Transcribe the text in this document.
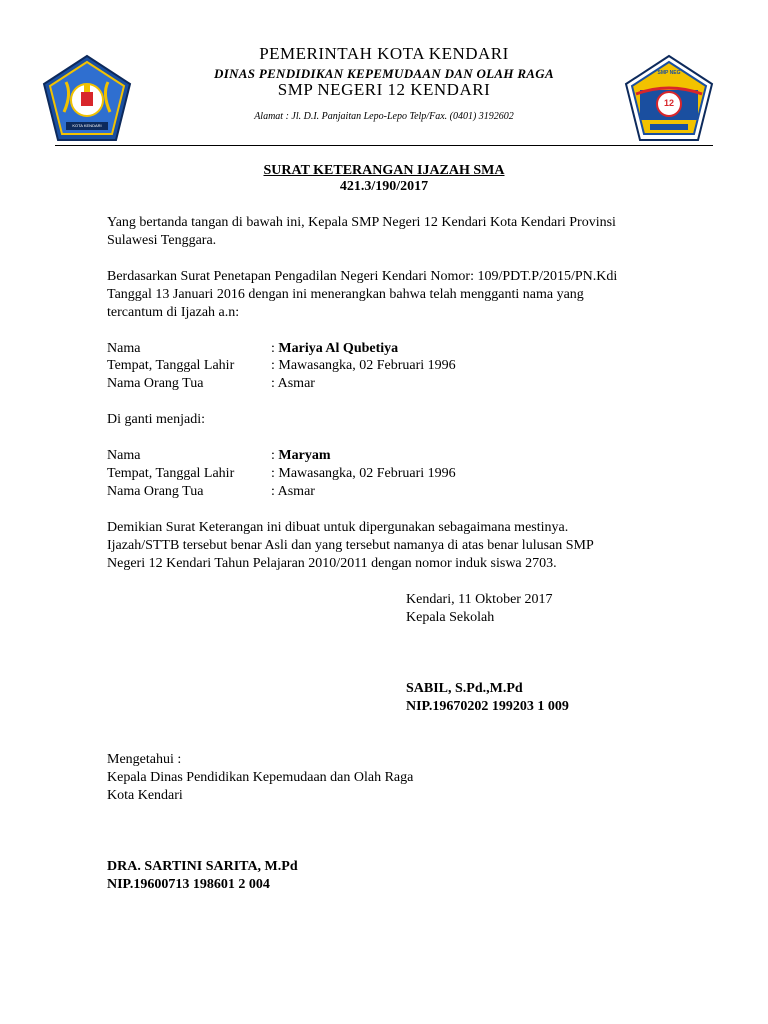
KOTA KENDARI
SMP NEG
12
PEMERINTAH KOTA KENDARI
DINAS PENDIDIKAN KEPEMUDAAN DAN OLAH RAGA
SMP NEGERI 12 KENDARI
Alamat : Jl. D.I. Panjaitan Lepo-Lepo Telp/Fax. (0401) 3192602
SURAT KETERANGAN IJAZAH SMA
421.3/190/2017
Yang bertanda tangan di bawah ini, Kepala SMP Negeri 12 Kendari Kota Kendari Provinsi
Sulawesi Tenggara.
Berdasarkan Surat Penetapan Pengadilan Negeri Kendari Nomor: 109/PDT.P/2015/PN.Kdi
Tanggal 13 Januari 2016 dengan ini menerangkan bahwa telah mengganti nama yang
tercantum di Ijazah a.n:
Nama	: Mariya Al Qubetiya
Tempat, Tanggal Lahir	: Mawasangka, 02 Februari 1996
Nama Orang Tua	: Asmar
Di ganti menjadi:
Nama	: Maryam
Tempat, Tanggal Lahir	: Mawasangka, 02 Februari 1996
Nama Orang Tua	: Asmar
Demikian Surat Keterangan ini dibuat untuk dipergunakan sebagaimana mestinya.
Ijazah/STTB tersebut benar Asli dan yang tersebut namanya di atas benar lulusan SMP
Negeri 12 Kendari Tahun Pelajaran 2010/2011 dengan nomor induk siswa 2703.
Kendari, 11 Oktober 2017
Kepala Sekolah
SABIL, S.Pd.,M.Pd
NIP.19670202 199203 1 009
Mengetahui :
Kepala Dinas Pendidikan Kepemudaan dan Olah Raga
Kota Kendari
DRA. SARTINI SARITA, M.Pd
NIP.19600713 198601 2 004
